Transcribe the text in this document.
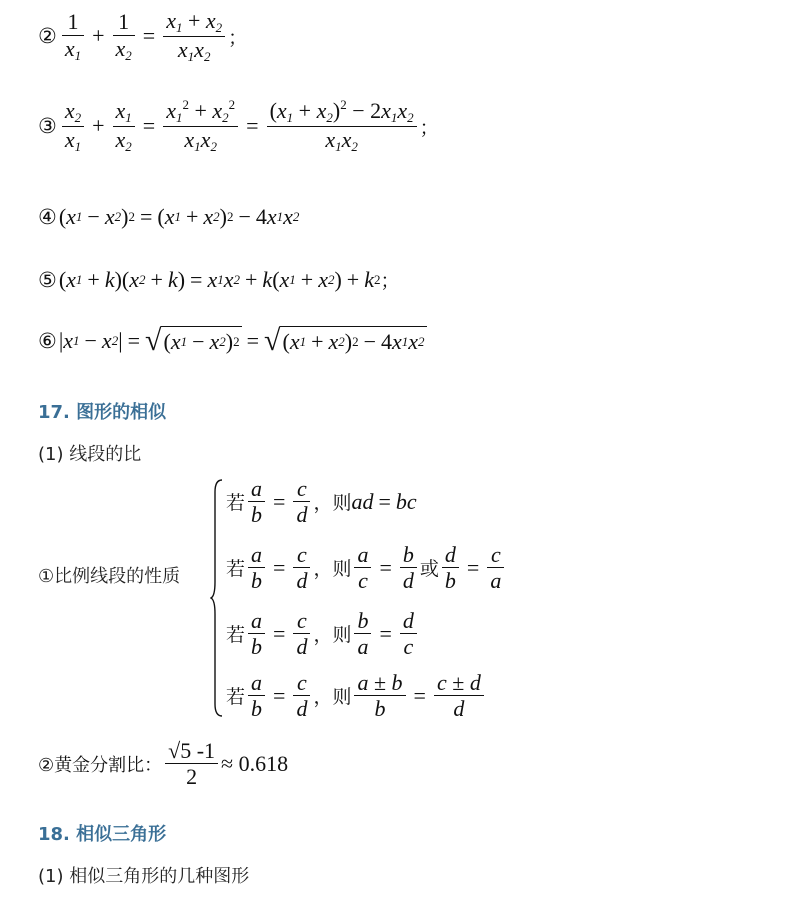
② $\frac{1}{x_1} + \frac{1}{x_2} = \frac{x_1 + x_2}{x_1x_2}$ ；
③ $\frac{x_2}{x_1} + \frac{x_1}{x_2} = \frac{x_1^2 + x_2^2}{x_1x_2} = \frac{(x_1 + x_2)^2 - 2x_1x_2}{x_1x_2}$ ；
④ ( x 1 − x 2 ) 2 = ( x 1 + x 2 ) 2 − 4 x 1 x 2
⑤ ( x 1 + k )( x 2 + k ) = x 1 x 2 + k ( x 1 + x 2 ) + k 2 ；
⑥ | x 1 − x 2 | = √ ( x 1 − x 2 ) 2 = √ ( x 1 + x 2 ) 2 − 4 x 1 x 2
17. 图形的相似
(1) 线段的比
①比例线段的性质
若 $\frac{a}{b} = \frac{c}{d}$ ， 则 ad = bc
若 $\frac{a}{b} = \frac{c}{d}$ ， 则 $\frac{a}{c} = \frac{b}{d}$ 或 $\frac{d}{b} = \frac{c}{a}$
若 $\frac{a}{b} = \frac{c}{d}$ ， 则 $\frac{b}{a} = \frac{d}{c}$
若 $\frac{a}{b} = \frac{c}{d}$ ， 则 $\frac{a \pm b}{b} = \frac{c \pm d}{d}$
②黄金分割比： $\frac{√5 -1}{2} \approx 0.618$
18. 相似三角形
(1) 相似三角形的几种图形
